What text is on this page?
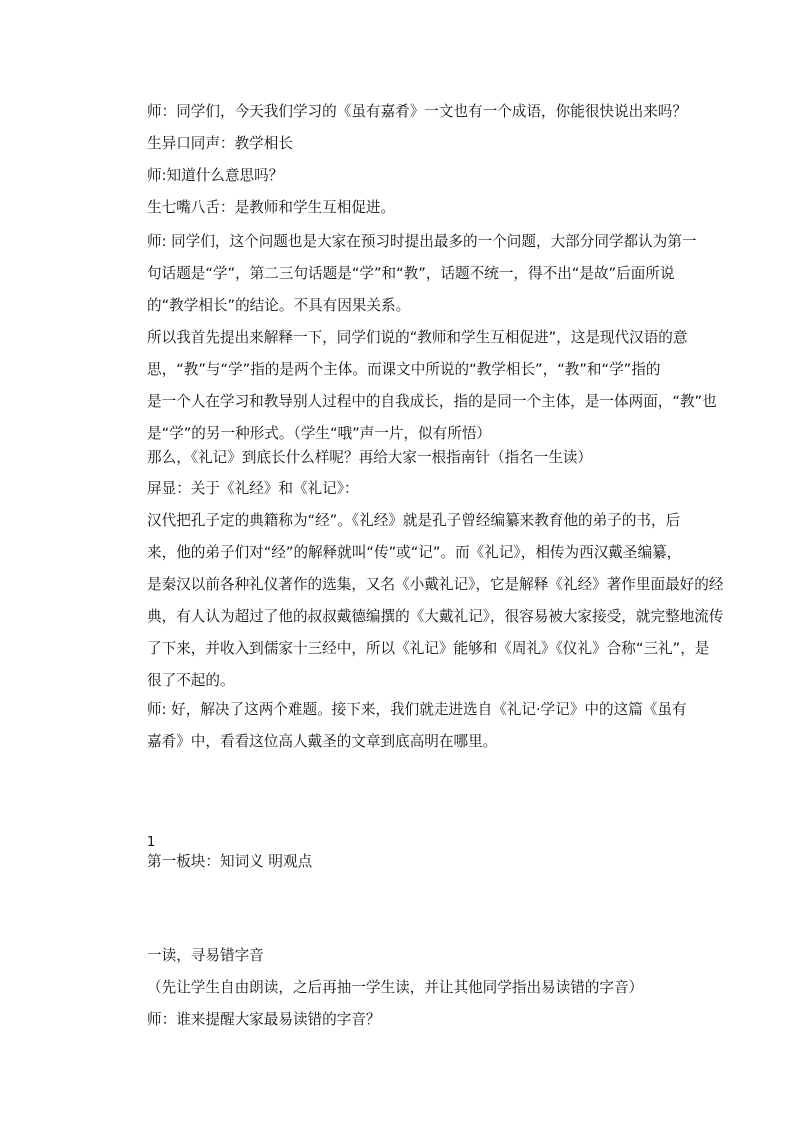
师：同学们，今天我们学习的《虽有嘉肴》一文也有一个成语，你能很快说出来吗？

生异口同声：教学相长

师:知道什么意思吗？

生七嘴八舌：是教师和学生互相促进。

师: 同学们，这个问题也是大家在预习时提出最多的一个问题，大部分同学都认为第一
句话题是“学”，第二三句话题是“学”和“教”，话题不统一，得不出“是故”后面所说
的“教学相长”的结论。不具有因果关系。
所以我首先提出来解释一下，同学们说的“教师和学生互相促进”，这是现代汉语的意
思，“教”与“学”指的是两个主体。而课文中所说的“教学相长”，“教”和“学”指的
是一个人在学习和教导别人过程中的自我成长，指的是同一个主体，是一体两面，“教”也
是“学”的另一种形式。（学生“哦”声一片，似有所悟）

那么，《礼记》到底长什么样呢？再给大家一根指南针（指名一生读）

屏显：关于《礼经》和《礼记》：

汉代把孔子定的典籍称为“经”。《礼经》就是孔子曾经编纂来教育他的弟子的书，后
来，他的弟子们对“经”的解释就叫“传”或“记”。而《礼记》，相传为西汉戴圣编纂，
是秦汉以前各种礼仪著作的选集，又名《小戴礼记》，它是解释《礼经》著作里面最好的经
典，有人认为超过了他的叔叔戴德编撰的《大戴礼记》，很容易被大家接受，就完整地流传
了下来，并收入到儒家十三经中，所以《礼记》能够和《周礼》《仪礼》合称“三礼”，是
很了不起的。
师: 好，解决了这两个难题。接下来，我们就走进选自《礼记·学记》中的这篇《虽有
嘉肴》中，看看这位高人戴圣的文章到底高明在哪里。

1

第一板块：知词义 明观点

一读，寻易错字音

（先让学生自由朗读，之后再抽一学生读，并让其他同学指出易读错的字音）

师：谁来提醒大家最易读错的字音？
